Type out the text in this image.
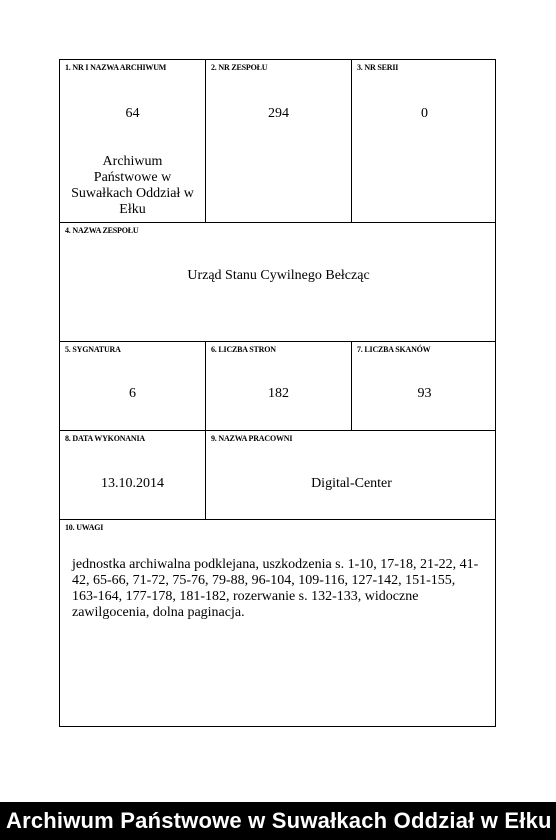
1. NR I NAZWA ARCHIWUM
64
Archiwum Państwowe w Suwałkach Oddział w Ełku
2. NR ZESPOŁU
294
3. NR SERII
0
4. NAZWA ZESPOŁU
Urząd Stanu Cywilnego Bełcząc
5. SYGNATURA
6
6. LICZBA STRON
182
7. LICZBA SKANÓW
93
8. DATA WYKONANIA
13.10.2014
9. NAZWA PRACOWNI
Digital-Center
10. UWAGI
jednostka archiwalna podklejana, uszkodzenia s. 1-10, 17-18, 21-22, 41-42, 65-66, 71-72, 75-76, 79-88, 96-104, 109-116, 127-142, 151-155, 163-164, 177-178, 181-182, rozerwanie s. 132-133, widoczne zawilgocenia, dolna paginacja.
Archiwum Państwowe w Suwałkach Oddział w Ełku
